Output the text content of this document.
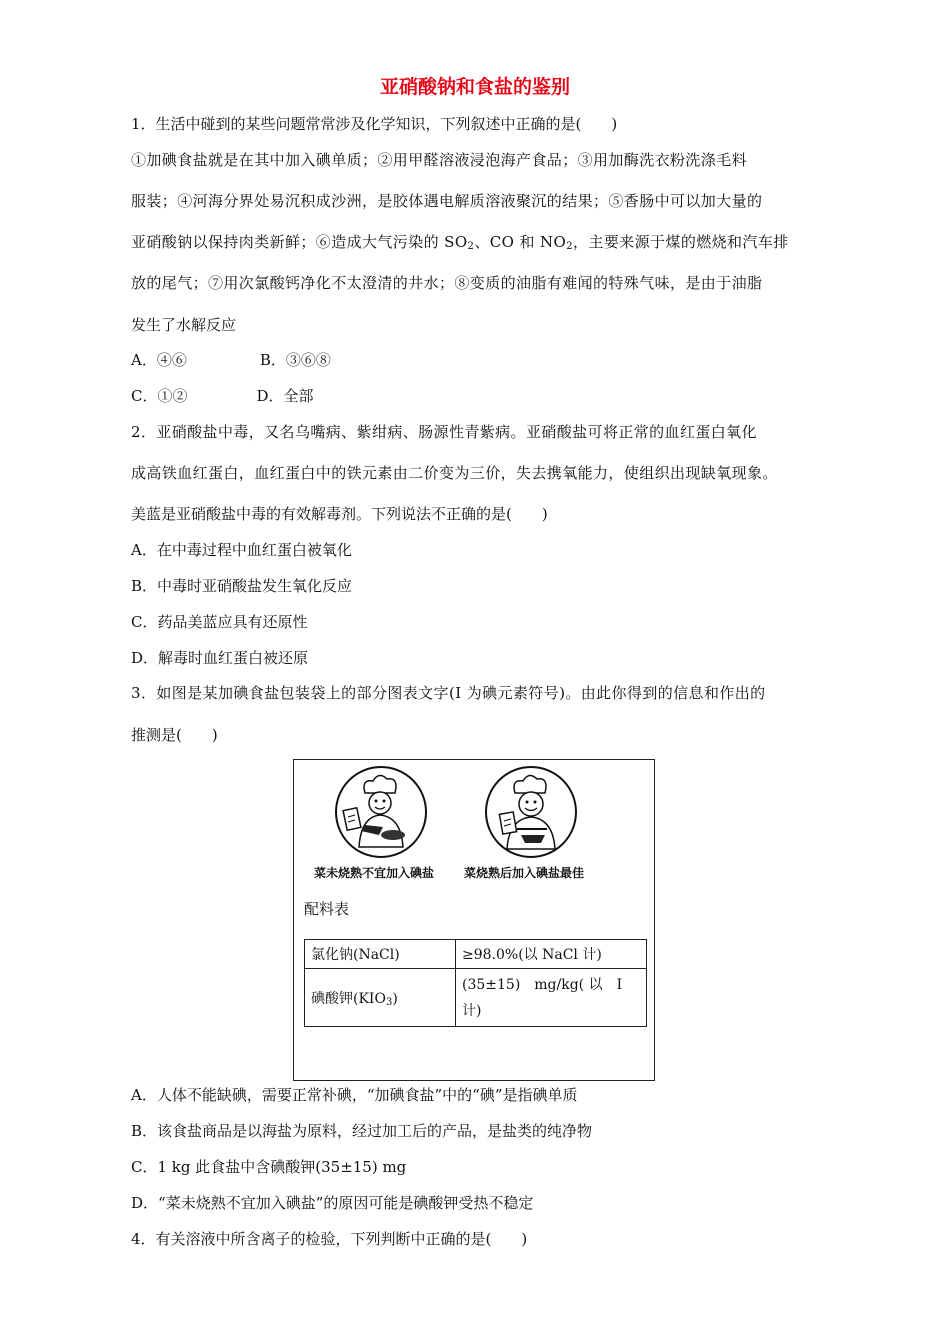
亚硝酸钠和食盐的鉴别
1．生活中碰到的某些问题常常涉及化学知识，下列叙述中正确的是(　　)
①加碘食盐就是在其中加入碘单质；②用甲醛溶液浸泡海产食品；③用加酶洗衣粉洗涤毛料
服装；④河海分界处易沉积成沙洲，是胶体遇电解质溶液聚沉的结果；⑤香肠中可以加大量的
亚硝酸钠以保持肉类新鲜；⑥造成大气污染的 $SO_2$、CO 和 $NO_2$，主要来源于煤的燃烧和汽车排
放的尾气；⑦用次氯酸钙净化不太澄清的井水；⑧变质的油脂有难闻的特殊气味，是由于油脂
发生了水解反应
A．④⑥	B．③⑥⑧
C．①②	D．全部
2．亚硝酸盐中毒，又名乌嘴病、紫绀病、肠源性青紫病。亚硝酸盐可将正常的血红蛋白氧化
成高铁血红蛋白，血红蛋白中的铁元素由二价变为三价，失去携氧能力，使组织出现缺氧现象。
美蓝是亚硝酸盐中毒的有效解毒剂。下列说法不正确的是(　　)
A．在中毒过程中血红蛋白被氧化
B．中毒时亚硝酸盐发生氧化反应
C．药品美蓝应具有还原性
D．解毒时血红蛋白被还原
3．如图是某加碘食盐包装袋上的部分图表文字(I 为碘元素符号)。由此你得到的信息和作出的
推测是(　　)
菜未烧熟不宜加入碘盐 菜烧熟后加入碘盐最佳
配料表
氯化钠(NaCl)	≥98.0%(以 NaCl 计)
碘酸钾$(KIO_3)$	(35±15)　mg/kg( 以　I
计)
A．人体不能缺碘，需要正常补碘，“加碘食盐”中的“碘”是指碘单质
B．该食盐商品是以海盐为原料，经过加工后的产品，是盐类的纯净物
C．1 kg 此食盐中含碘酸钾(35±15) mg
D．“菜未烧熟不宜加入碘盐”的原因可能是碘酸钾受热不稳定
4．有关溶液中所含离子的检验，下列判断中正确的是(　　)
